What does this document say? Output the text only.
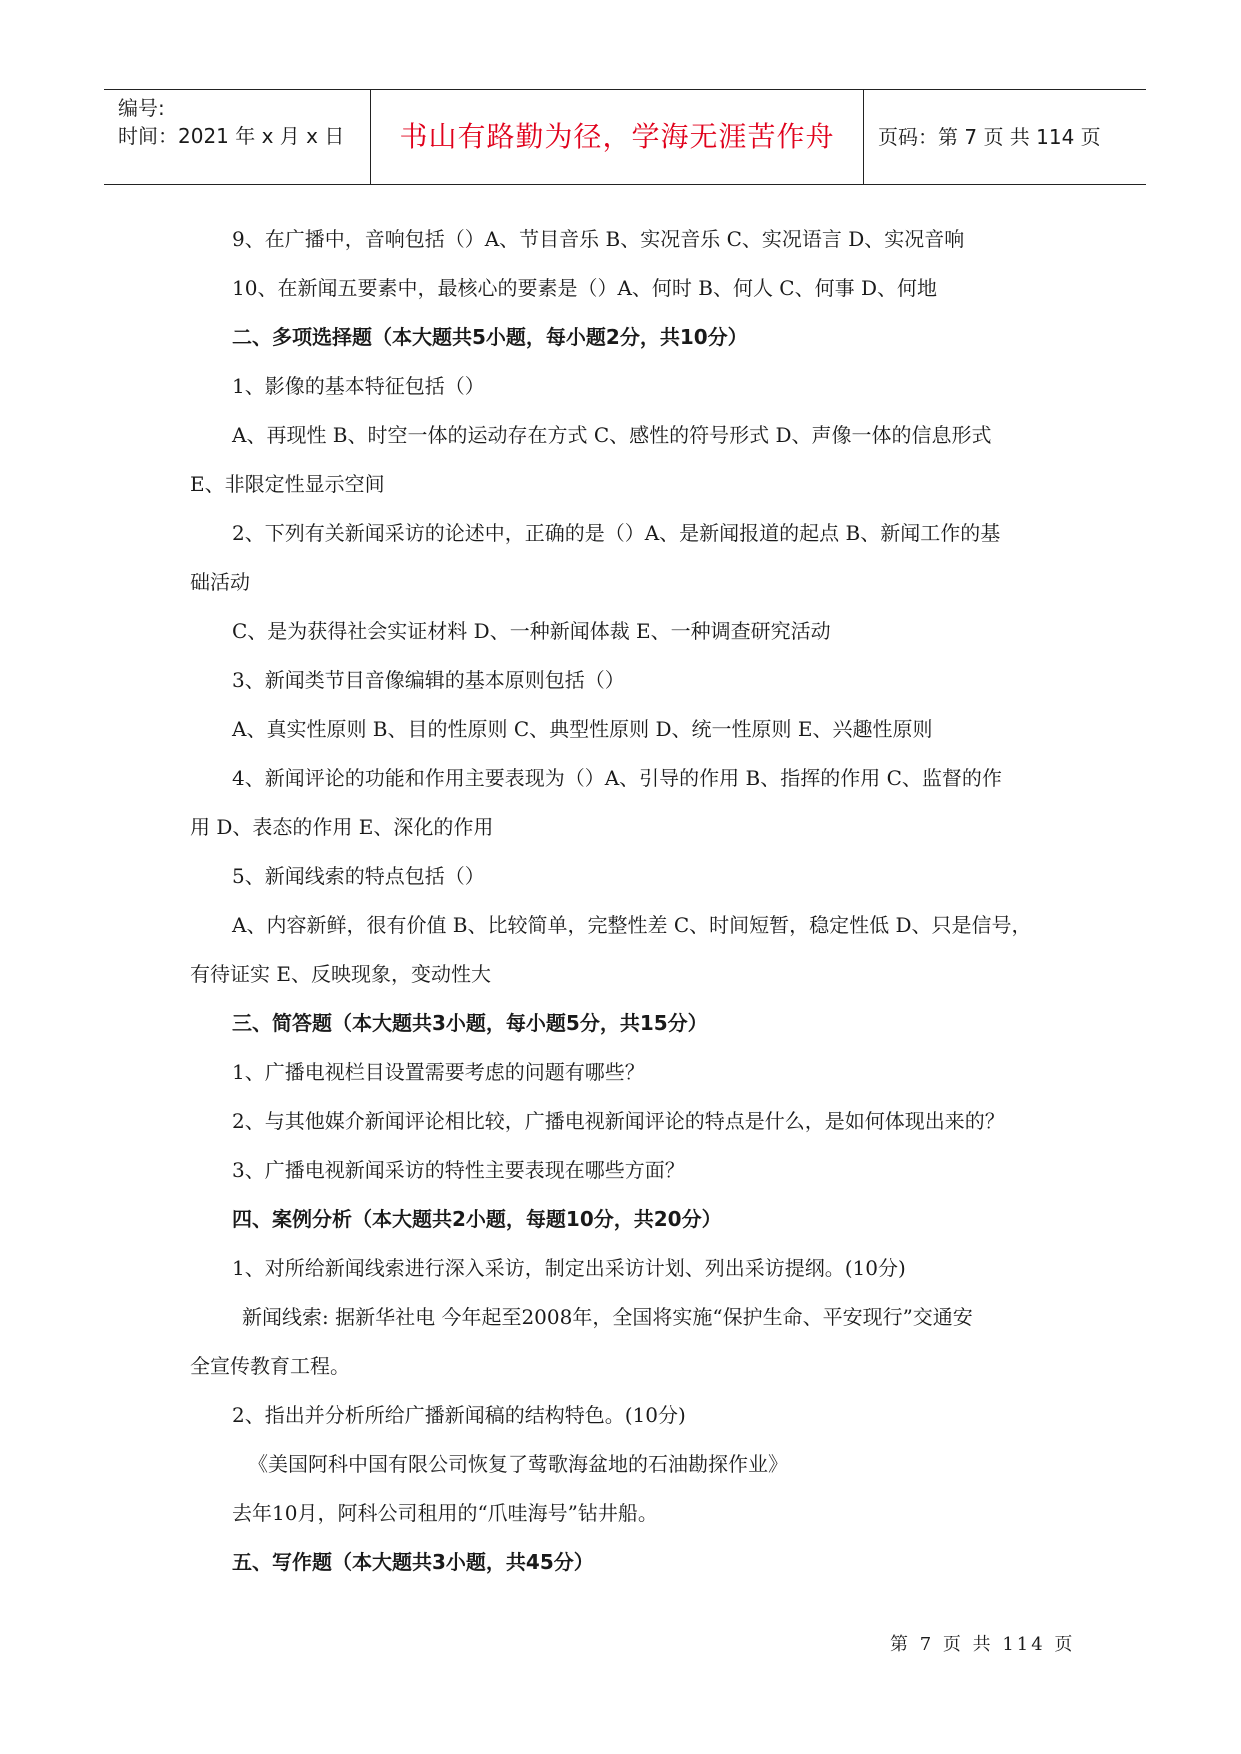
编号:
时间：2021 年 x 月 x 日	书山有路勤为径，学海无涯苦作舟	页码：第 7 页 共 114 页
9、在广播中，音响包括（）A、节目音乐 B、实况音乐 C、实况语言 D、实况音响
10、在新闻五要素中，最核心的要素是（）A、何时 B、何人 C、何事 D、何地
二、多项选择题（本大题共5小题，每小题2分，共10分）
1、影像的基本特征包括（）
A、再现性 B、时空一体的运动存在方式 C、感性的符号形式 D、声像一体的信息形式
E、非限定性显示空间
2、下列有关新闻采访的论述中，正确的是（）A、是新闻报道的起点 B、新闻工作的基
础活动
C、是为获得社会实证材料 D、一种新闻体裁 E、一种调查研究活动
3、新闻类节目音像编辑的基本原则包括（）
A、真实性原则 B、目的性原则 C、典型性原则 D、统一性原则 E、兴趣性原则
4、新闻评论的功能和作用主要表现为（）A、引导的作用 B、指挥的作用 C、监督的作
用 D、表态的作用 E、深化的作用
5、新闻线索的特点包括（）
A、内容新鲜，很有价值 B、比较简单，完整性差 C、时间短暂，稳定性低 D、只是信号，
有待证实 E、反映现象，变动性大
三、简答题（本大题共3小题，每小题5分，共15分）
1、广播电视栏目设置需要考虑的问题有哪些？
2、与其他媒介新闻评论相比较，广播电视新闻评论的特点是什么，是如何体现出来的？
3、广播电视新闻采访的特性主要表现在哪些方面？
四、案例分析（本大题共2小题，每题10分，共20分）
1、对所给新闻线索进行深入采访，制定出采访计划、列出采访提纲。(10分)
新闻线索: 据新华社电 今年起至2008年，全国将实施“保护生命、平安现行”交通安
全宣传教育工程。
2、指出并分析所给广播新闻稿的结构特色。(10分)
《美国阿科中国有限公司恢复了莺歌海盆地的石油勘探作业》
去年10月，阿科公司租用的“爪哇海号”钻井船。
五、写作题（本大题共3小题，共45分）
第 7 页 共 114 页
